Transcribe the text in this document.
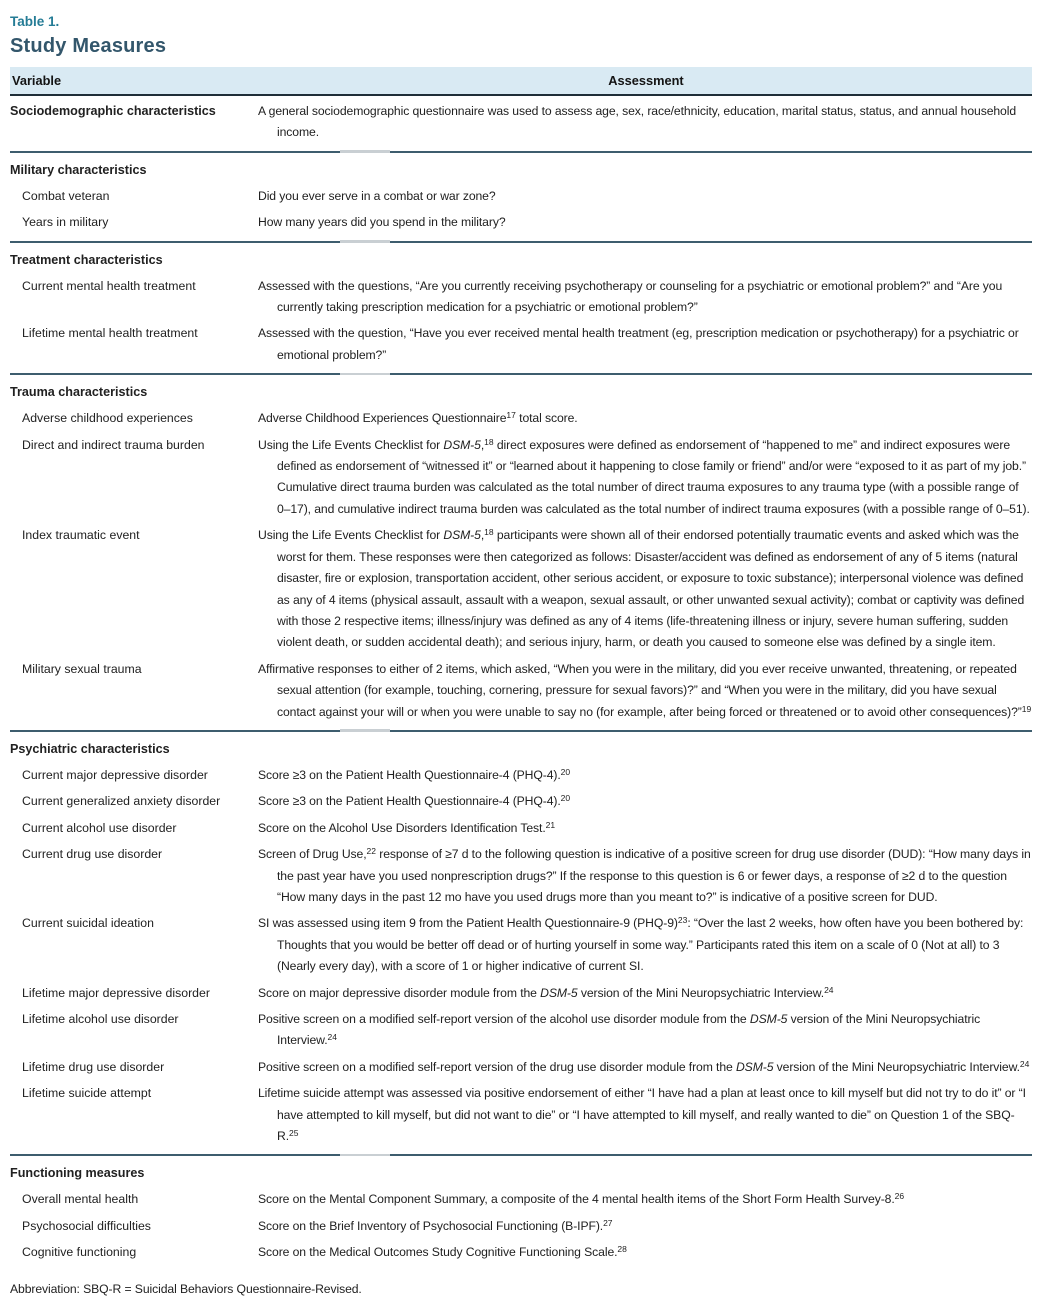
Table 1.
Study Measures
Variable	Assessment
Sociodemographic characteristics	A general sociodemographic questionnaire was used to assess age, sex, race/ethnicity, education, marital status, status, and annual household income.
Military characteristics
Combat veteran	Did you ever serve in a combat or war zone?
Years in military	How many years did you spend in the military?
Treatment characteristics
Current mental health treatment	Assessed with the questions, “Are you currently receiving psychotherapy or counseling for a psychiatric or emotional problem?” and “Are you currently taking prescription medication for a psychiatric or emotional problem?”
Lifetime mental health treatment	Assessed with the question, “Have you ever received mental health treatment (eg, prescription medication or psychotherapy) for a psychiatric or emotional problem?”
Trauma characteristics
Adverse childhood experiences	Adverse Childhood Experiences Questionnaire$^{17}$ total score.
Direct and indirect trauma burden	Using the Life Events Checklist for DSM-5,18 direct exposures were defined as endorsement of “happened to me” and indirect exposures were defined as endorsement of “witnessed it” or “learned about it happening to close family or friend” and/or were “exposed to it as part of my job.” Cumulative direct trauma burden was calculated as the total number of direct trauma exposures to any trauma type (with a possible range of 0–17), and cumulative indirect trauma burden was calculated as the total number of indirect trauma exposures (with a possible range of 0–51).
Index traumatic event	Using the Life Events Checklist for DSM-5,18 participants were shown all of their endorsed potentially traumatic events and asked which was the worst for them. These responses were then categorized as follows: Disaster/accident was defined as endorsement of any of 5 items (natural disaster, fire or explosion, transportation accident, other serious accident, or exposure to toxic substance); interpersonal violence was defined as any of 4 items (physical assault, assault with a weapon, sexual assault, or other unwanted sexual activity); combat or captivity was defined with those 2 respective items; illness/injury was defined as any of 4 items (life-threatening illness or injury, severe human suffering, sudden violent death, or sudden accidental death); and serious injury, harm, or death you caused to someone else was defined by a single item.
Military sexual trauma	Affirmative responses to either of 2 items, which asked, “When you were in the military, did you ever receive unwanted, threatening, or repeated sexual attention (for example, touching, cornering, pressure for sexual favors)?” and “When you were in the military, did you have sexual contact against your will or when you were unable to say no (for example, after being forced or threatened or to avoid other consequences)?”$^{19}$
Psychiatric characteristics
Current major depressive disorder	Score ≥3 on the Patient Health Questionnaire-4 (PHQ-4).$^{20}$
Current generalized anxiety disorder	Score ≥3 on the Patient Health Questionnaire-4 (PHQ-4).$^{20}$
Current alcohol use disorder	Score on the Alcohol Use Disorders Identification Test.$^{21}$
Current drug use disorder	Screen of Drug Use,$^{22}$ response of ≥7 d to the following question is indicative of a positive screen for drug use disorder (DUD): “How many days in the past year have you used nonprescription drugs?” If the response to this question is 6 or fewer days, a response of ≥2 d to the question “How many days in the past 12 mo have you used drugs more than you meant to?” is indicative of a positive screen for DUD.
Current suicidal ideation	SI was assessed using item 9 from the Patient Health Questionnaire-9 $(PHQ-9)^{23}$: “Over the last 2 weeks, how often have you been bothered by: Thoughts that you would be better off dead or of hurting yourself in some way.” Participants rated this item on a scale of 0 (Not at all) to 3 (Nearly every day), with a score of 1 or higher indicative of current SI.
Lifetime major depressive disorder	Score on major depressive disorder module from the DSM-5 version of the Mini Neuropsychiatric Interview.$^{24}$
Lifetime alcohol use disorder	Positive screen on a modified self-report version of the alcohol use disorder module from the DSM-5 version of the Mini Neuropsychiatric Interview.$^{24}$
Lifetime drug use disorder	Positive screen on a modified self-report version of the drug use disorder module from the DSM-5 version of the Mini Neuropsychiatric Interview.$^{24}$
Lifetime suicide attempt	Lifetime suicide attempt was assessed via positive endorsement of either “I have had a plan at least once to kill myself but did not try to do it” or “I have attempted to kill myself, but did not want to die” or “I have attempted to kill myself, and really wanted to die” on Question 1 of the SBQ-R.$^{25}$
Functioning measures
Overall mental health	Score on the Mental Component Summary, a composite of the 4 mental health items of the Short Form Health Survey-8.26
Psychosocial difficulties	Score on the Brief Inventory of Psychosocial Functioning (B-IPF).$^{27}$
Cognitive functioning	Score on the Medical Outcomes Study Cognitive Functioning Scale.$^{28}$
Abbreviation: SBQ-R = Suicidal Behaviors Questionnaire-Revised.
